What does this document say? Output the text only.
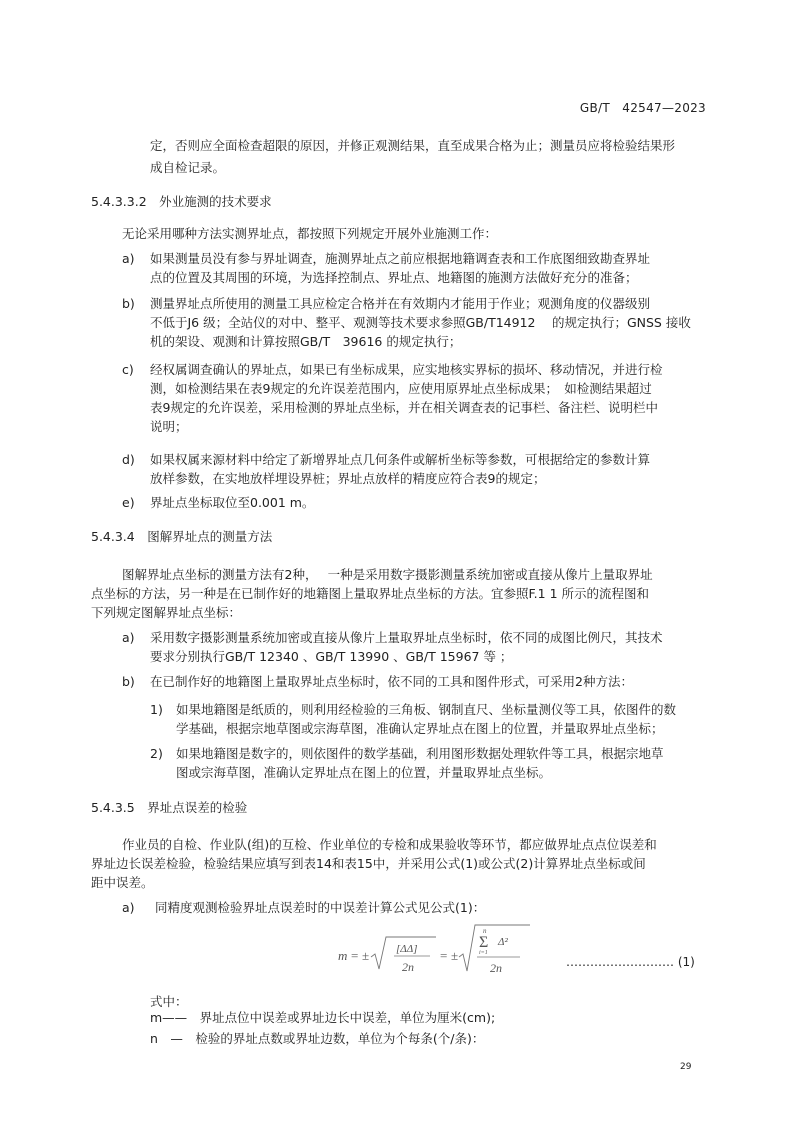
GB/T　42547—2023
定，否则应全面检查超限的原因，并修正观测结果，直至成果合格为止；测量员应将检验结果形
成自检记录。
5.4.3.3.2　外业施测的技术要求
无论采用哪种方法实测界址点，都按照下列规定开展外业施测工作：
a) 如果测量员没有参与界址调查，施测界址点之前应根据地籍调查表和工作底图细致勘查界址
点的位置及其周围的环境，为选择控制点、界址点、地籍图的施测方法做好充分的准备；
b) 测量界址点所使用的测量工具应检定合格并在有效期内才能用于作业；观测角度的仪器级别
不低于J6 级；全站仪的对中、整平、观测等技术要求参照GB/T14912　 的规定执行；GNSS 接收
机的架设、观测和计算按照GB/T　39616 的规定执行；
c) 经权属调查确认的界址点，如果已有坐标成果，应实地核实界标的损坏、移动情况，并进行检
测，如检测结果在表9规定的允许误差范围内，应使用原界址点坐标成果；　如检测结果超过
表9规定的允许误差，采用检测的界址点坐标，并在相关调查表的记事栏、备注栏、说明栏中
说明；
d) 如果权属来源材料中给定了新增界址点几何条件或解析坐标等参数，可根据给定的参数计算
放样参数，在实地放样埋设界桩；界址点放样的精度应符合表9的规定；
e) 界址点坐标取位至0.001 m。
5.4.3.4　图解界址点的测量方法
图解界址点坐标的测量方法有2种，　 一种是采用数字摄影测量系统加密或直接从像片上量取界址
点坐标的方法，另一种是在已制作好的地籍图上量取界址点坐标的方法。宜参照F.1 1 所示的流程图和
下列规定图解界址点坐标：
a) 采用数字摄影测量系统加密或直接从像片上量取界址点坐标时，依不同的成图比例尺，其技术
要求分别执行GB/T 12340 、GB/T 13990 、GB/T 15967 等 ；
b) 在已制作好的地籍图上量取界址点坐标时，依不同的工具和图件形式，可采用2种方法：
1) 如果地籍图是纸质的，则利用经检验的三角板、钢制直尺、坐标量测仪等工具，依图件的数
学基础，根据宗地草图或宗海草图，准确认定界址点在图上的位置，并量取界址点坐标；
2) 如果地籍图是数字的，则依图件的数学基础，利用图形数据处理软件等工具，根据宗地草
图或宗海草图，准确认定界址点在图上的位置，并量取界址点坐标。
5.4.3.5　界址点误差的检验
作业员的自检、作业队(组)的互检、作业单位的专检和成果验收等环节，都应做界址点点位误差和
界址边长误差检验，检验结果应填写到表14和表15中，并采用公式(1)或公式(2)计算界址点坐标或间
距中误差。
a) 同精度观测检验界址点误差时的中误差计算公式见公式(1)：
式中：
m——　界址点位中误差或界址边长中误差，单位为厘米(cm);
n　—　检验的界址点数或界址边数，单位为个每条(个/条)：
m = ± [ΔΔ]
2n
= ±
n
Σ
i=1
Δ²
2n	……………………… (1)
29
